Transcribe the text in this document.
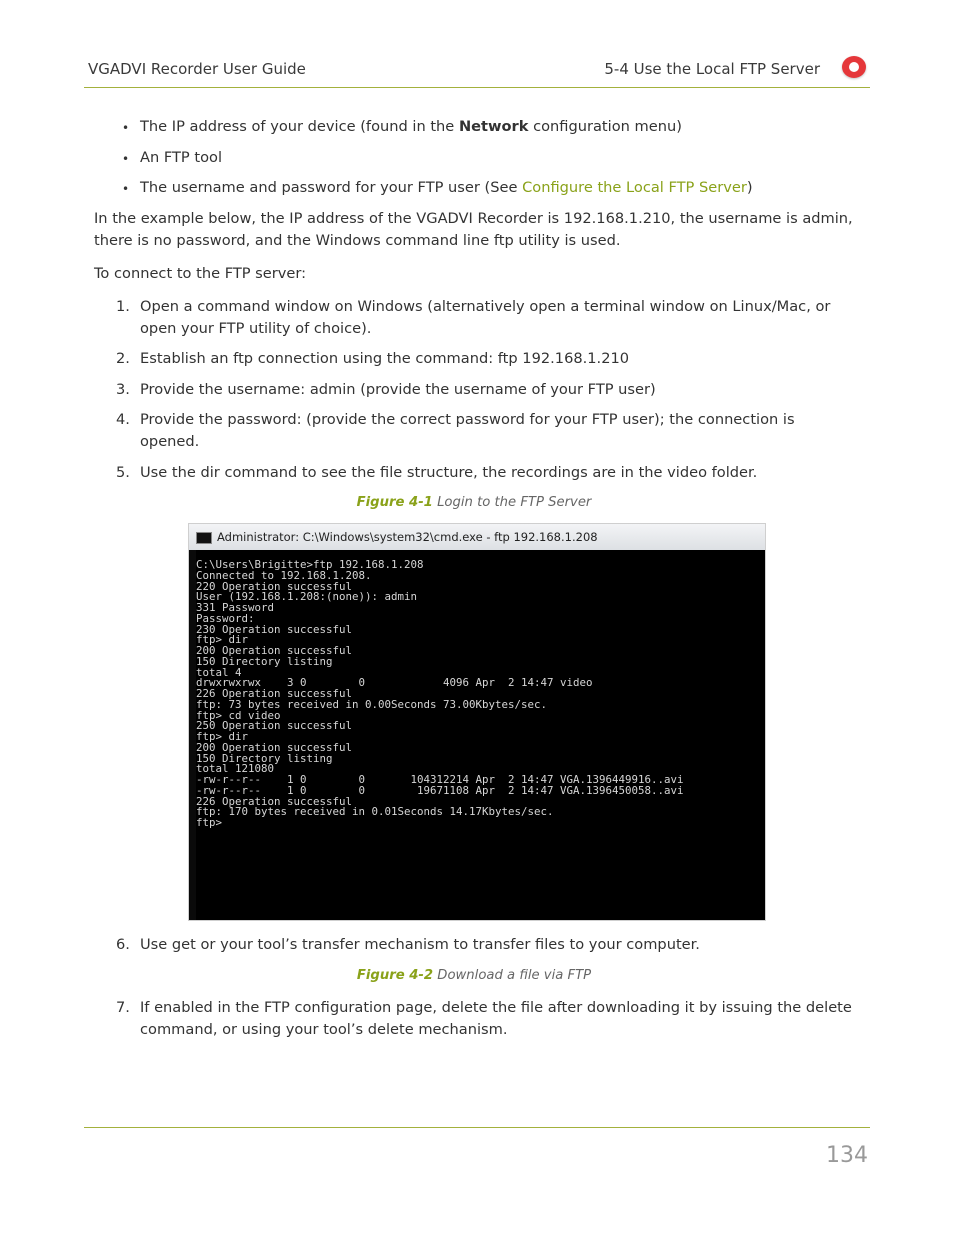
VGADVI Recorder User Guide	5-4 Use the Local FTP Server
• The IP address of your device (found in the Network configuration menu)
• An FTP tool
• The username and password for your FTP user (See Configure the Local FTP Server)

In the example below, the IP address of the VGADVI Recorder is 192.168.1.210, the username is admin, there is no password, and the Windows command line ftp utility is used.

To connect to the FTP server:

1. Open a command window on Windows (alternatively open a terminal window on Linux/Mac, or open your FTP utility of choice).
2. Establish an ftp connection using the command: ftp 192.168.1.210
3. Provide the username: admin (provide the username of your FTP user)
4. Provide the password: (provide the correct password for your FTP user); the connection is opened.
5. Use the dir command to see the file structure, the recordings are in the video folder.
Figure 4-1 Login to the FTP Server
Administrator: C:\Windows\system32\cmd.exe - ftp 192.168.1.208
C:\Users\Brigitte>ftp 192.168.1.208
Connected to 192.168.1.208.
220 Operation successful
User (192.168.1.208:(none)): admin
331 Password
Password:
230 Operation successful
ftp> dir
200 Operation successful
150 Directory listing
total 4
drwxrwxrwx    3 0        0            4096 Apr  2 14:47 video
226 Operation successful
ftp: 73 bytes received in 0.00Seconds 73.00Kbytes/sec.
ftp> cd video
250 Operation successful
ftp> dir
200 Operation successful
150 Directory listing
total 121080
-rw-r--r--    1 0        0       104312214 Apr  2 14:47 VGA.1396449916..avi
-rw-r--r--    1 0        0        19671108 Apr  2 14:47 VGA.1396450058..avi
226 Operation successful
ftp: 170 bytes received in 0.01Seconds 14.17Kbytes/sec.
ftp>
6. Use get or your tool’s transfer mechanism to transfer files to your computer.
Figure 4-2 Download a file via FTP
7. If enabled in the FTP configuration page, delete the file after downloading it by issuing the delete command, or using your tool’s delete mechanism.
134
